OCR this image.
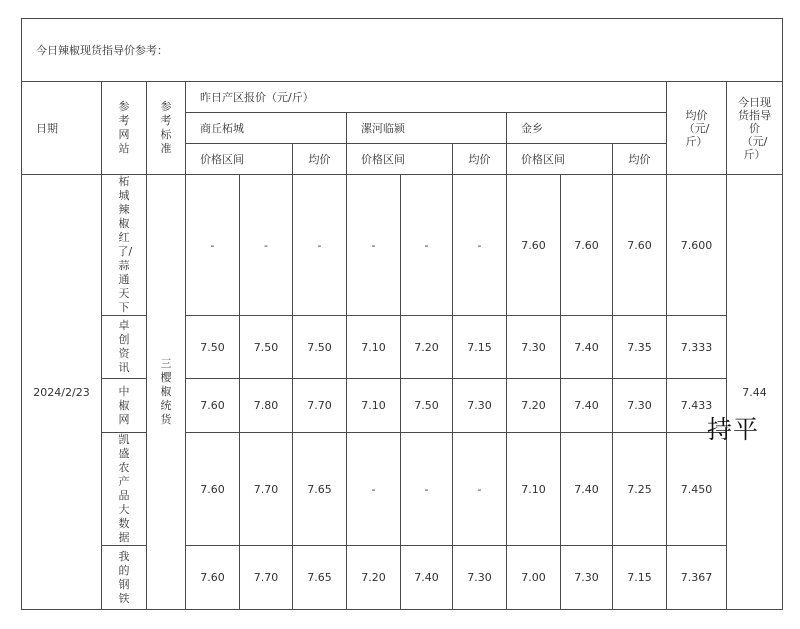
今日辣椒现货指导价参考：													
日期	参考网站	参考标准	昨日产区报价（元/斤）									均价（元/斤）	今日现货指导价（元/斤）
			商丘柘城			漯河临颍			金乡				
			价格区间		均价	价格区间		均价	价格区间		均价		
2024/2/23	柘城辣椒红了/蒜通天下	三樱椒统货	-	-	-	-	-	-	7.60	7.60	7.60	7.600	7.44
	卓创资讯		7.50	7.50	7.50	7.10	7.20	7.15	7.30	7.40	7.35	7.333	
	中椒网		7.60	7.80	7.70	7.10	7.50	7.30	7.20	7.40	7.30	7.433	
	凯盛农产品大数据		7.60	7.70	7.65	-	-	-	7.10	7.40	7.25	7.450	
	我的钢铁		7.60	7.70	7.65	7.20	7.40	7.30	7.00	7.30	7.15	7.367	
持平
